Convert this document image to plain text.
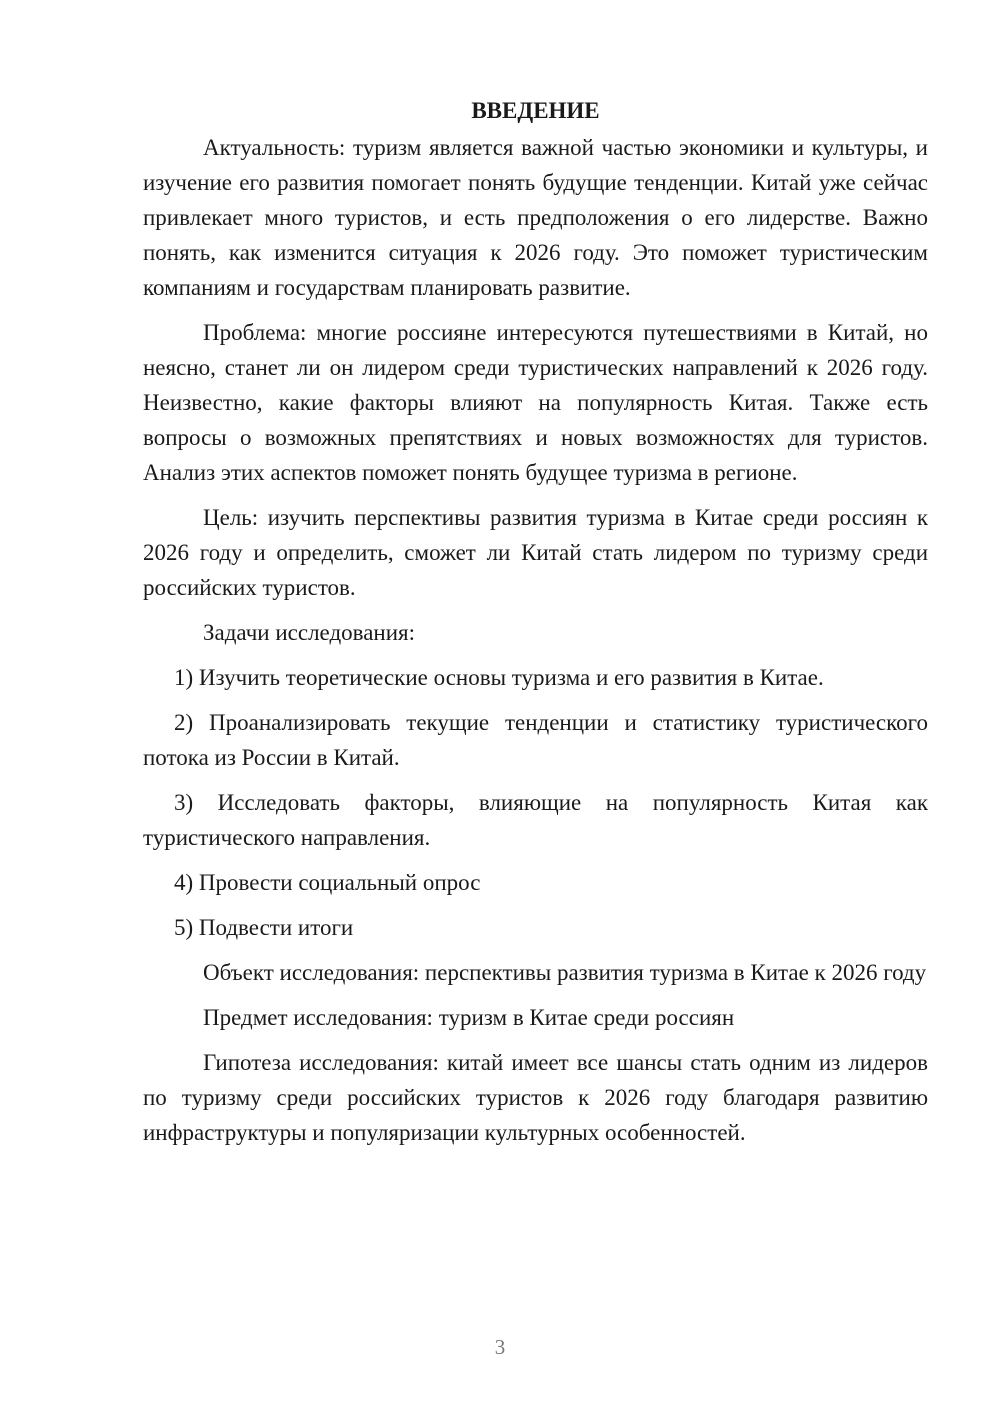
ВВЕДЕНИЕ

Актуальность: туризм является важной частью экономики и культуры, и изучение его развития помогает понять будущие тенденции. Китай уже сейчас привлекает много туристов, и есть предположения о его лидерстве. Важно понять, как изменится ситуация к 2026 году. Это поможет туристическим компаниям и государствам планировать развитие.

Проблема: многие россияне интересуются путешествиями в Китай, но неясно, станет ли он лидером среди туристических направлений к 2026 году. Неизвестно, какие факторы влияют на популярность Китая. Также есть вопросы о возможных препятствиях и новых возможностях для туристов. Анализ этих аспектов поможет понять будущее туризма в регионе.

Цель: изучить перспективы развития туризма в Китае среди россиян к 2026 году и определить, сможет ли Китай стать лидером по туризму среди российских туристов.

Задачи исследования:

1) Изучить теоретические основы туризма и его развития в Китае.

2) Проанализировать текущие тенденции и статистику туристического потока из России в Китай.

3) Исследовать факторы, влияющие на популярность Китая как туристического направления.

4) Провести социальный опрос

5) Подвести итоги

Объект исследования: перспективы развития туризма в Китае к 2026 году

Предмет исследования: туризм в Китае среди россиян

Гипотеза исследования: китай имеет все шансы стать одним из лидеров по туризму среди российских туристов к 2026 году благодаря развитию инфраструктуры и популяризации культурных особенностей.

3
